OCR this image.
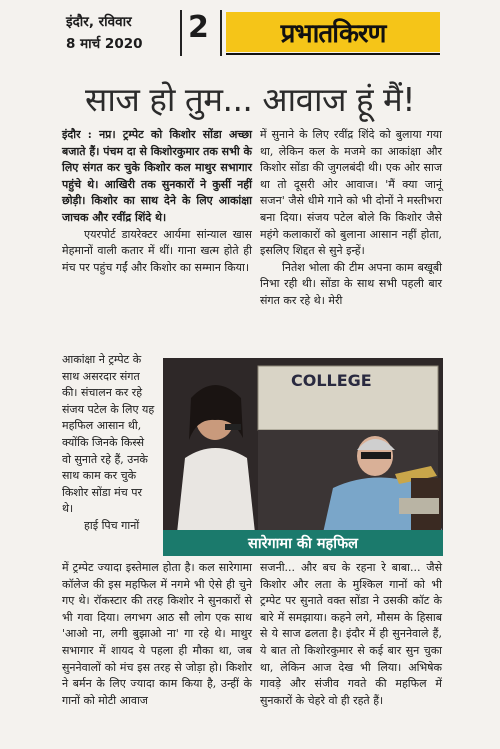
इंदौर, रविवार
8 मार्च 2020 2	प्रभातकिरण
साज हो तुम... आवाज हूं मैं!

इंदौर : नप्र। ट्रम्पेट को किशोर सोंडा अच्छा बजाते हैं। पंचम दा से किशोरकुमार तक सभी के लिए संगत कर चुके किशोर कल माथुर सभागार पहुंचे थे। आखिरी तक सुनकारों ने कुर्सी नहीं छोड़ी। किशोर का साथ देने के लिए आकांक्षा जाचक और रवींद्र शिंदे थे।

एयरपोर्ट डायरेक्टर आर्यमा सांन्याल खास मेहमानों वाली कतार में थीं। गाना खत्म होते ही मंच पर पहुंच गईं और किशोर का सम्मान किया।

में सुनाने के लिए रवींद्र शिंदे को बुलाया गया था, लेकिन कल के मजमे का आकांक्षा और किशोर सोंडा की जुगलबंदी थी। एक ओर साज था तो दूसरी ओर आवाज। 'मैं क्या जानूं सजन' जैसे धीमे गाने को भी दोनों ने मस्तीभरा बना दिया। संजय पटेल बोले कि किशोर जैसे महंगे कलाकारों को बुलाना आसान नहीं होता, इसलिए शिद्दत से सुने इन्हें।

नितेश भोला की टीम अपना काम बखूबी निभा रही थी। सोंडा के साथ सभी पहली बार संगत कर रहे थे। मेरी

आकांक्षा ने ट्रम्पेट के साथ असरदार संगत की। संचालन कर रहे संजय पटेल के लिए यह महफिल आसान थी, क्योंकि जिनके किस्से वो सुनाते रहे हैं, उनके साथ काम कर चुके किशोर सोंडा मंच पर थे।

हाई पिच गानों

COLLEGE
सारेगामा की महफिल

में ट्रम्पेट ज्यादा इस्तेमाल होता है। कल सारेगामा कॉलेज की इस महफिल में नगमे भी ऐसे ही चुने गए थे। रॉकस्टार की तरह किशोर ने सुनकारों से भी गवा दिया। लगभग आठ सौ लोग एक साथ 'आओ ना, लगी बुझाओ ना' गा रहे थे। माथुर सभागार में शायद ये पहला ही मौका था, जब सुननेवालों को मंच इस तरह से जोड़ा हो। किशोर ने बर्मन के लिए ज्यादा काम किया है, उन्हीं के गानों को मोटी आवाज

सजनी... और बच के रहना रे बाबा... जैसे किशोर और लता के मुश्किल गानों को भी ट्रम्पेट पर सुनाते वक्त सोंडा ने उसकी कॉट के बारे में समझाया। कहने लगे, मौसम के हिसाब से ये साज ढलता है। इंदौर में ही सुननेवाले हैं, ये बात तो किशोरकुमार से कई बार सुन चुका था, लेकिन आज देख भी लिया। अभिषेक गावड़े और संजीव गवते की महफिल में सुनकारों के चेहरे वो ही रहते हैं।
